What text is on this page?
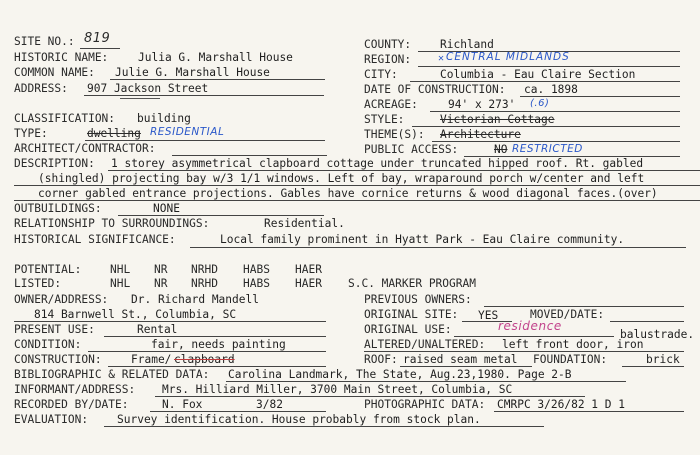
SITE NO.: 819
HISTORIC NAME:	Julia G. Marshall House
COMMON NAME: Julie G. Marshall House
ADDRESS: 907 Jackson Street
CLASSIFICATION: building
TYPE:	dwelling RESIDENTIAL
ARCHITECT/CONTRACTOR:
COUNTY:	Richland
REGION:	CENTRAL MIDLANDS
✕
CITY:	Columbia - Eau Claire Section
DATE OF CONSTRUCTION: ca. 1898
ACREAGE:	94' x 273' (.6)
STYLE:	Victorian Cottage
THEME(S): Architecture
PUBLIC ACCESS:	NO RESTRICTED
DESCRIPTION: 1 storey asymmetrical clapboard cottage under truncated hipped roof. Rt. gabled
(shingled) projecting bay w/3 1/1 windows. Left of bay, wraparound porch w/center and left
corner gabled entrance projections. Gables have cornice returns & wood diagonal faces.(over)
OUTBUILDINGS:	NONE
RELATIONSHIP TO SURROUNDINGS:	Residential.
HISTORICAL SIGNIFICANCE:	Local family prominent in Hyatt Park - Eau Claire community.
POTENTIAL:	NHL NR NRHD HABS HAER
LISTED:	NHL NR NRHD HABS HAER S.C. MARKER PROGRAM
OWNER/ADDRESS: Dr. Richard Mandell
814 Barnwell St., Columbia, SC
PREVIOUS OWNERS:
ORIGINAL SITE: YES	MOVED/DATE:
PRESENT USE:	Rental	ORIGINAL USE:	residence
balustrade.
CONDITION:	fair, needs painting	ALTERED/UNALTERED: left front door, iron
CONSTRUCTION:	Frame/ clapboard	ROOF: raised seam metal FOUNDATION:	brick
BIBLIOGRAPHIC & RELATED DATA: Carolina Landmark, The State, Aug.23,1980. Page 2-B
INFORMANT/ADDRESS: Mrs. Hilliard Miller, 3700 Main Street, Columbia, SC
RECORDED BY/DATE:	N. Fox	3/82	PHOTOGRAPHIC DATA: CMRPC 3/26/82 1 D 1
EVALUATION:	Survey identification. House probably from stock plan.
